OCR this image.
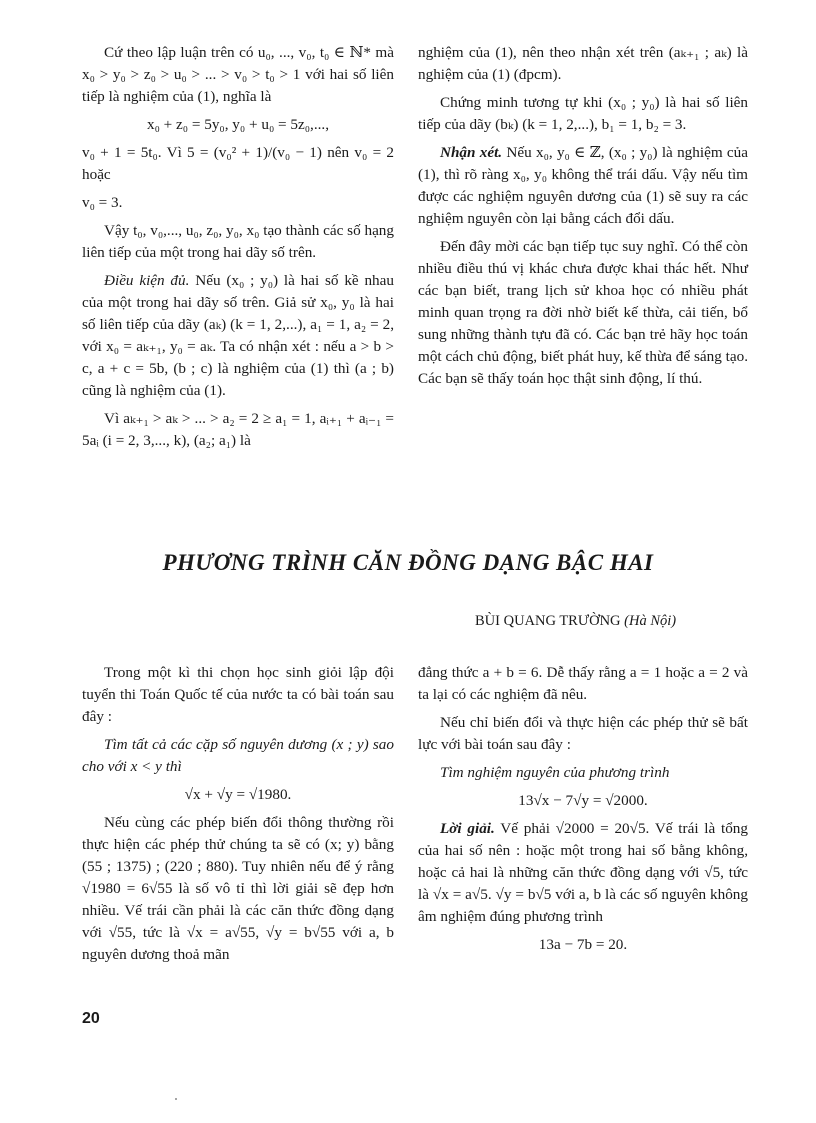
Cứ theo lập luận trên có u₀, ..., v₀, t₀ ∈ ℕ* mà x₀ > y₀ > z₀ > u₀ > ... > v₀ > t₀ > 1 với hai số liên tiếp là nghiệm của (1), nghĩa là

x₀ + z₀ = 5y₀, y₀ + u₀ = 5z₀,...,

v₀ + 1 = 5t₀. Vì 5 = (v₀² + 1)/(v₀ − 1) nên v₀ = 2 hoặc

v₀ = 3.

Vậy t₀, v₀,..., u₀, z₀, y₀, x₀ tạo thành các số hạng liên tiếp của một trong hai dãy số trên.

Điều kiện đủ. Nếu (x₀ ; y₀) là hai số kề nhau của một trong hai dãy số trên. Giả sử x₀, y₀ là hai số liên tiếp của dãy (aₖ) (k = 1, 2,...), a₁ = 1, a₂ = 2, với x₀ = aₖ₊₁, y₀ = aₖ. Ta có nhận xét : nếu a > b > c, a + c = 5b, (b ; c) là nghiệm của (1) thì (a ; b) cũng là nghiệm của (1).

Vì aₖ₊₁ > aₖ > ... > a₂ = 2 ≥ a₁ = 1, aᵢ₊₁ + aᵢ₋₁ = 5aᵢ (i = 2, 3,..., k), (a₂; a₁) là

nghiệm của (1), nên theo nhận xét trên (aₖ₊₁ ; aₖ) là nghiệm của (1) (đpcm).

Chứng minh tương tự khi (x₀ ; y₀) là hai số liên tiếp của dãy (bₖ) (k = 1, 2,...), b₁ = 1, b₂ = 3.

Nhận xét. Nếu x₀, y₀ ∈ ℤ, (x₀ ; y₀) là nghiệm của (1), thì rõ ràng x₀, y₀ không thể trái dấu. Vậy nếu tìm được các nghiệm nguyên dương của (1) sẽ suy ra các nghiệm nguyên còn lại bằng cách đổi dấu.

Đến đây mời các bạn tiếp tục suy nghĩ. Có thể còn nhiều điều thú vị khác chưa được khai thác hết. Như các bạn biết, trang lịch sử khoa học có nhiều phát minh quan trọng ra đời nhờ biết kế thừa, cải tiến, bổ sung những thành tựu đã có. Các bạn trẻ hãy học toán một cách chủ động, biết phát huy, kế thừa để sáng tạo. Các bạn sẽ thấy toán học thật sinh động, lí thú.

PHƯƠNG TRÌNH CĂN ĐỒNG DẠNG BẬC HAI
BÙI QUANG TRƯỜNG (Hà Nội)

Trong một kì thi chọn học sinh giỏi lập đội tuyển thi Toán Quốc tế của nước ta có bài toán sau đây :

Tìm tất cả các cặp số nguyên dương (x ; y) sao cho với x < y thì

√x + √y = √1980.

Nếu cùng các phép biến đổi thông thường rồi thực hiện các phép thử chúng ta sẽ có (x; y) bằng (55 ; 1375) ; (220 ; 880). Tuy nhiên nếu để ý rằng √1980 = 6√55 là số vô tỉ thì lời giải sẽ đẹp hơn nhiều. Vế trái cần phải là các căn thức đồng dạng với √55, tức là √x = a√55, √y = b√55 với a, b nguyên dương thoả mãn

đẳng thức a + b = 6. Dễ thấy rằng a = 1 hoặc a = 2 và ta lại có các nghiệm đã nêu.

Nếu chỉ biến đổi và thực hiện các phép thử sẽ bất lực với bài toán sau đây :

Tìm nghiệm nguyên của phương trình

13√x − 7√y = √2000.

Lời giải. Vế phải √2000 = 20√5. Vế trái là tổng của hai số nên : hoặc một trong hai số bằng không, hoặc cả hai là những căn thức đồng dạng với √5, tức là √x = a√5. √y = b√5 với a, b là các số nguyên không âm nghiệm đúng phương trình

13a − 7b = 20.

20
